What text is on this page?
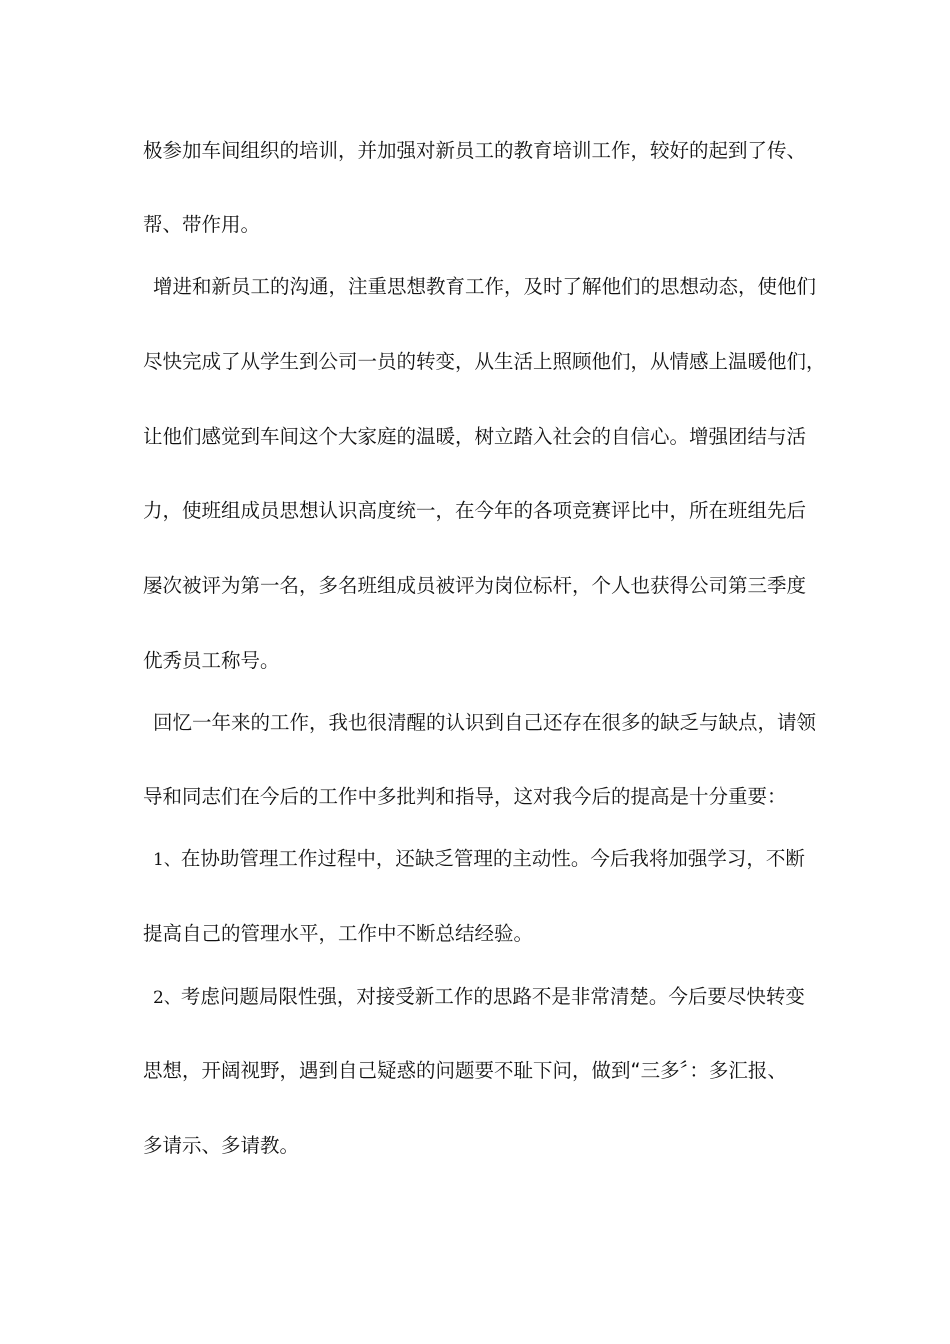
极参加车间组织的培训，并加强对新员工的教育培训工作，较好的起到了传、
帮、带作用。
增进和新员工的沟通，注重思想教育工作，及时了解他们的思想动态，使他们
尽快完成了从学生到公司一员的转变，从生活上照顾他们，从情感上温暖他们，
让他们感觉到车间这个大家庭的温暖，树立踏入社会的自信心。增强团结与活
力，使班组成员思想认识高度统一，在今年的各项竞赛评比中，所在班组先后
屡次被评为第一名，多名班组成员被评为岗位标杆，个人也获得公司第三季度
优秀员工称号。
回忆一年来的工作，我也很清醒的认识到自己还存在很多的缺乏与缺点，请领
导和同志们在今后的工作中多批判和指导，这对我今后的提高是十分重要：
1、在协助管理工作过程中，还缺乏管理的主动性。今后我将加强学习，不断
提高自己的管理水平，工作中不断总结经验。
2、考虑问题局限性强，对接受新工作的思路不是非常清楚。今后要尽快转变
思想，开阔视野，遇到自己疑惑的问题要不耻下问，做到“三多〞：多汇报、
多请示、多请教。
